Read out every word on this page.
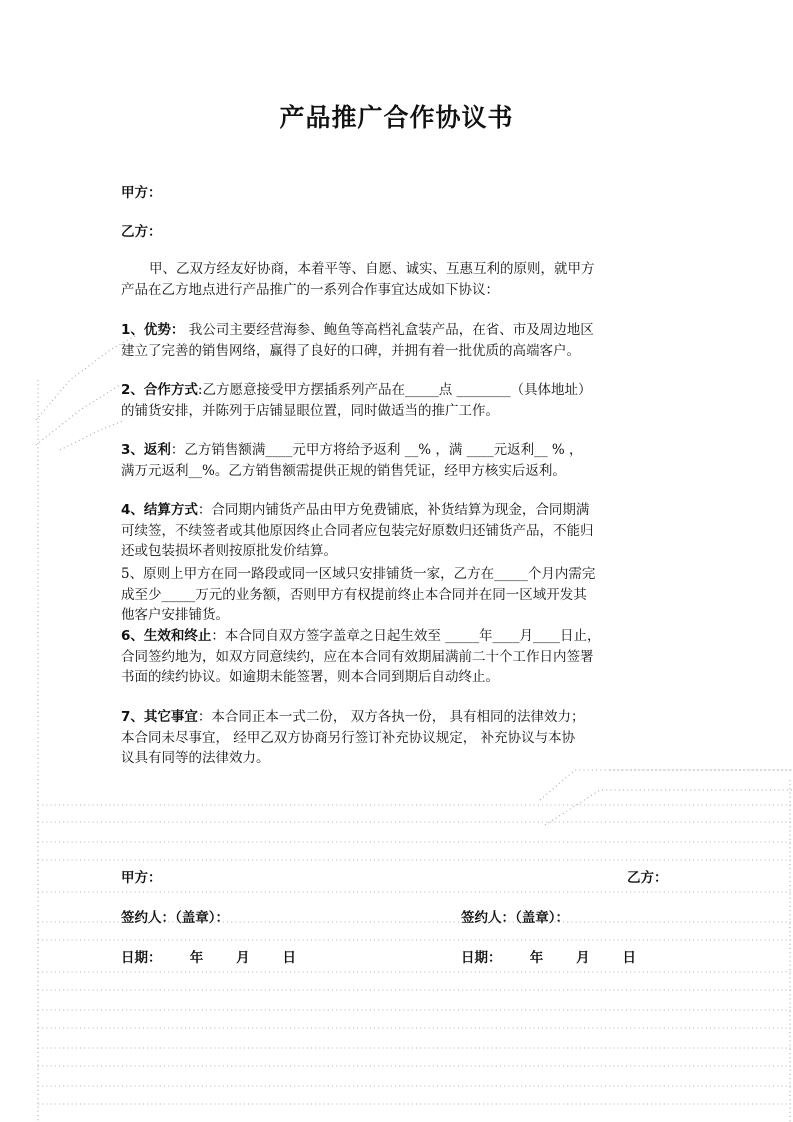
产品推广合作协议书
甲方：
乙方：

甲、乙双方经友好协商，本着平等、自愿、诚实、互惠互利的原则，就甲方

产品在乙方地点进行产品推广的一系列合作事宜达成如下协议：

1、优势： 我公司主要经营海参、鲍鱼等高档礼盒装产品，在省、市及周边地区

建立了完善的销售网络，赢得了良好的口碑，并拥有着一批优质的高端客户。

2、合作方式:乙方愿意接受甲方摆插系列产品在_____点 ________（具体地址）

的铺货安排，并陈列于店铺显眼位置，同时做适当的推广工作。

3、返利：乙方销售额满____元甲方将给予返利 __% ，满 ____元返利__ % ，

满万元返利__%。乙方销售额需提供正规的销售凭证，经甲方核实后返利。

4、结算方式：合同期内铺货产品由甲方免费铺底，补货结算为现金，合同期满

可续签，不续签者或其他原因终止合同者应包装完好原数归还铺货产品，不能归

还或包装损坏者则按原批发价结算。

5、原则上甲方在同一路段或同一区域只安排铺货一家，乙方在_____个月内需完

成至少_____万元的业务额，否则甲方有权提前终止本合同并在同一区域开发其

他客户安排铺货。

6、生效和终止：本合同自双方签字盖章之日起生效至 _____年____月____日止，

合同签约地为，如双方同意续约，应在本合同有效期届满前二十个工作日内签署

书面的续约协议。如逾期未能签署，则本合同到期后自动终止。

7、其它事宜：本合同正本一式二份， 双方各执一份， 具有相同的法律效力；

本合同未尽事宜， 经甲乙双方协商另行签订补充协议规定， 补充协议与本协

议具有同等的法律效力。

甲方：	乙方：
签约人：（盖章）：	签约人：（盖章）：
日期：      年       月       日	日期：      年       月       日
